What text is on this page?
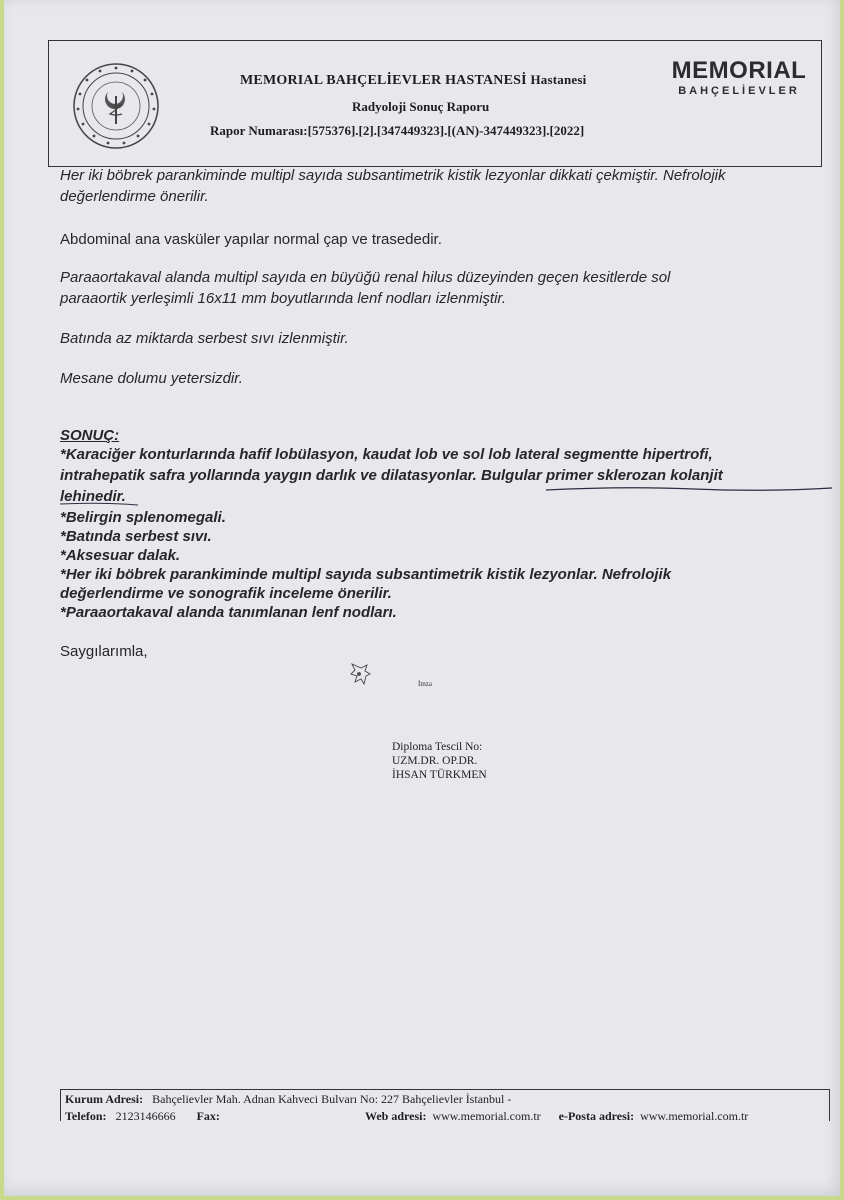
MEMORIAL BAHÇELİEVLER HASTANESİ Hastanesi
Radyoloji Sonuç Raporu
Rapor Numarası:[575376].[2].[347449323].[(AN)-347449323].[2022]
MEMORIAL
BAHÇELİEVLER
Her iki böbrek parankiminde multipl sayıda subsantimetrik kistik lezyonlar dikkati çekmiştir. Nefrolojik
değerlendirme önerilir.
Abdominal ana vasküler yapılar normal çap ve trasededir.
Paraaortakaval alanda multipl sayıda en büyüğü renal hilus düzeyinden geçen kesitlerde sol
paraaortik yerleşimli 16x11 mm boyutlarında lenf nodları izlenmiştir.
Batında az miktarda serbest sıvı izlenmiştir.
Mesane dolumu yetersizdir.
SONUÇ:
*Karaciğer konturlarında hafif lobülasyon, kaudat lob ve sol lob lateral segmentte hipertrofi,
intrahepatik safra yollarında yaygın darlık ve dilatasyonlar. Bulgular primer sklerozan kolanjit
lehinedir.
*Belirgin splenomegali.
*Batında serbest sıvı.
*Aksesuar dalak.
*Her iki böbrek parankiminde multipl sayıda subsantimetrik kistik lezyonlar. Nefrolojik
değerlendirme ve sonografik inceleme önerilir.
*Paraaortakaval alanda tanımlanan lenf nodları.
Saygılarımla,
İmza
Diploma Tescil No:
UZM.DR. OP.DR.
İHSAN TÜRKMEN
Kurum Adresi: Bahçelievler Mah. Adnan Kahveci Bulvarı No: 227 Bahçelievler İstanbul -
Telefon: 2123146666 Fax:	Web adresi: www.memorial.com.tr e-Posta adresi: www.memorial.com.tr
